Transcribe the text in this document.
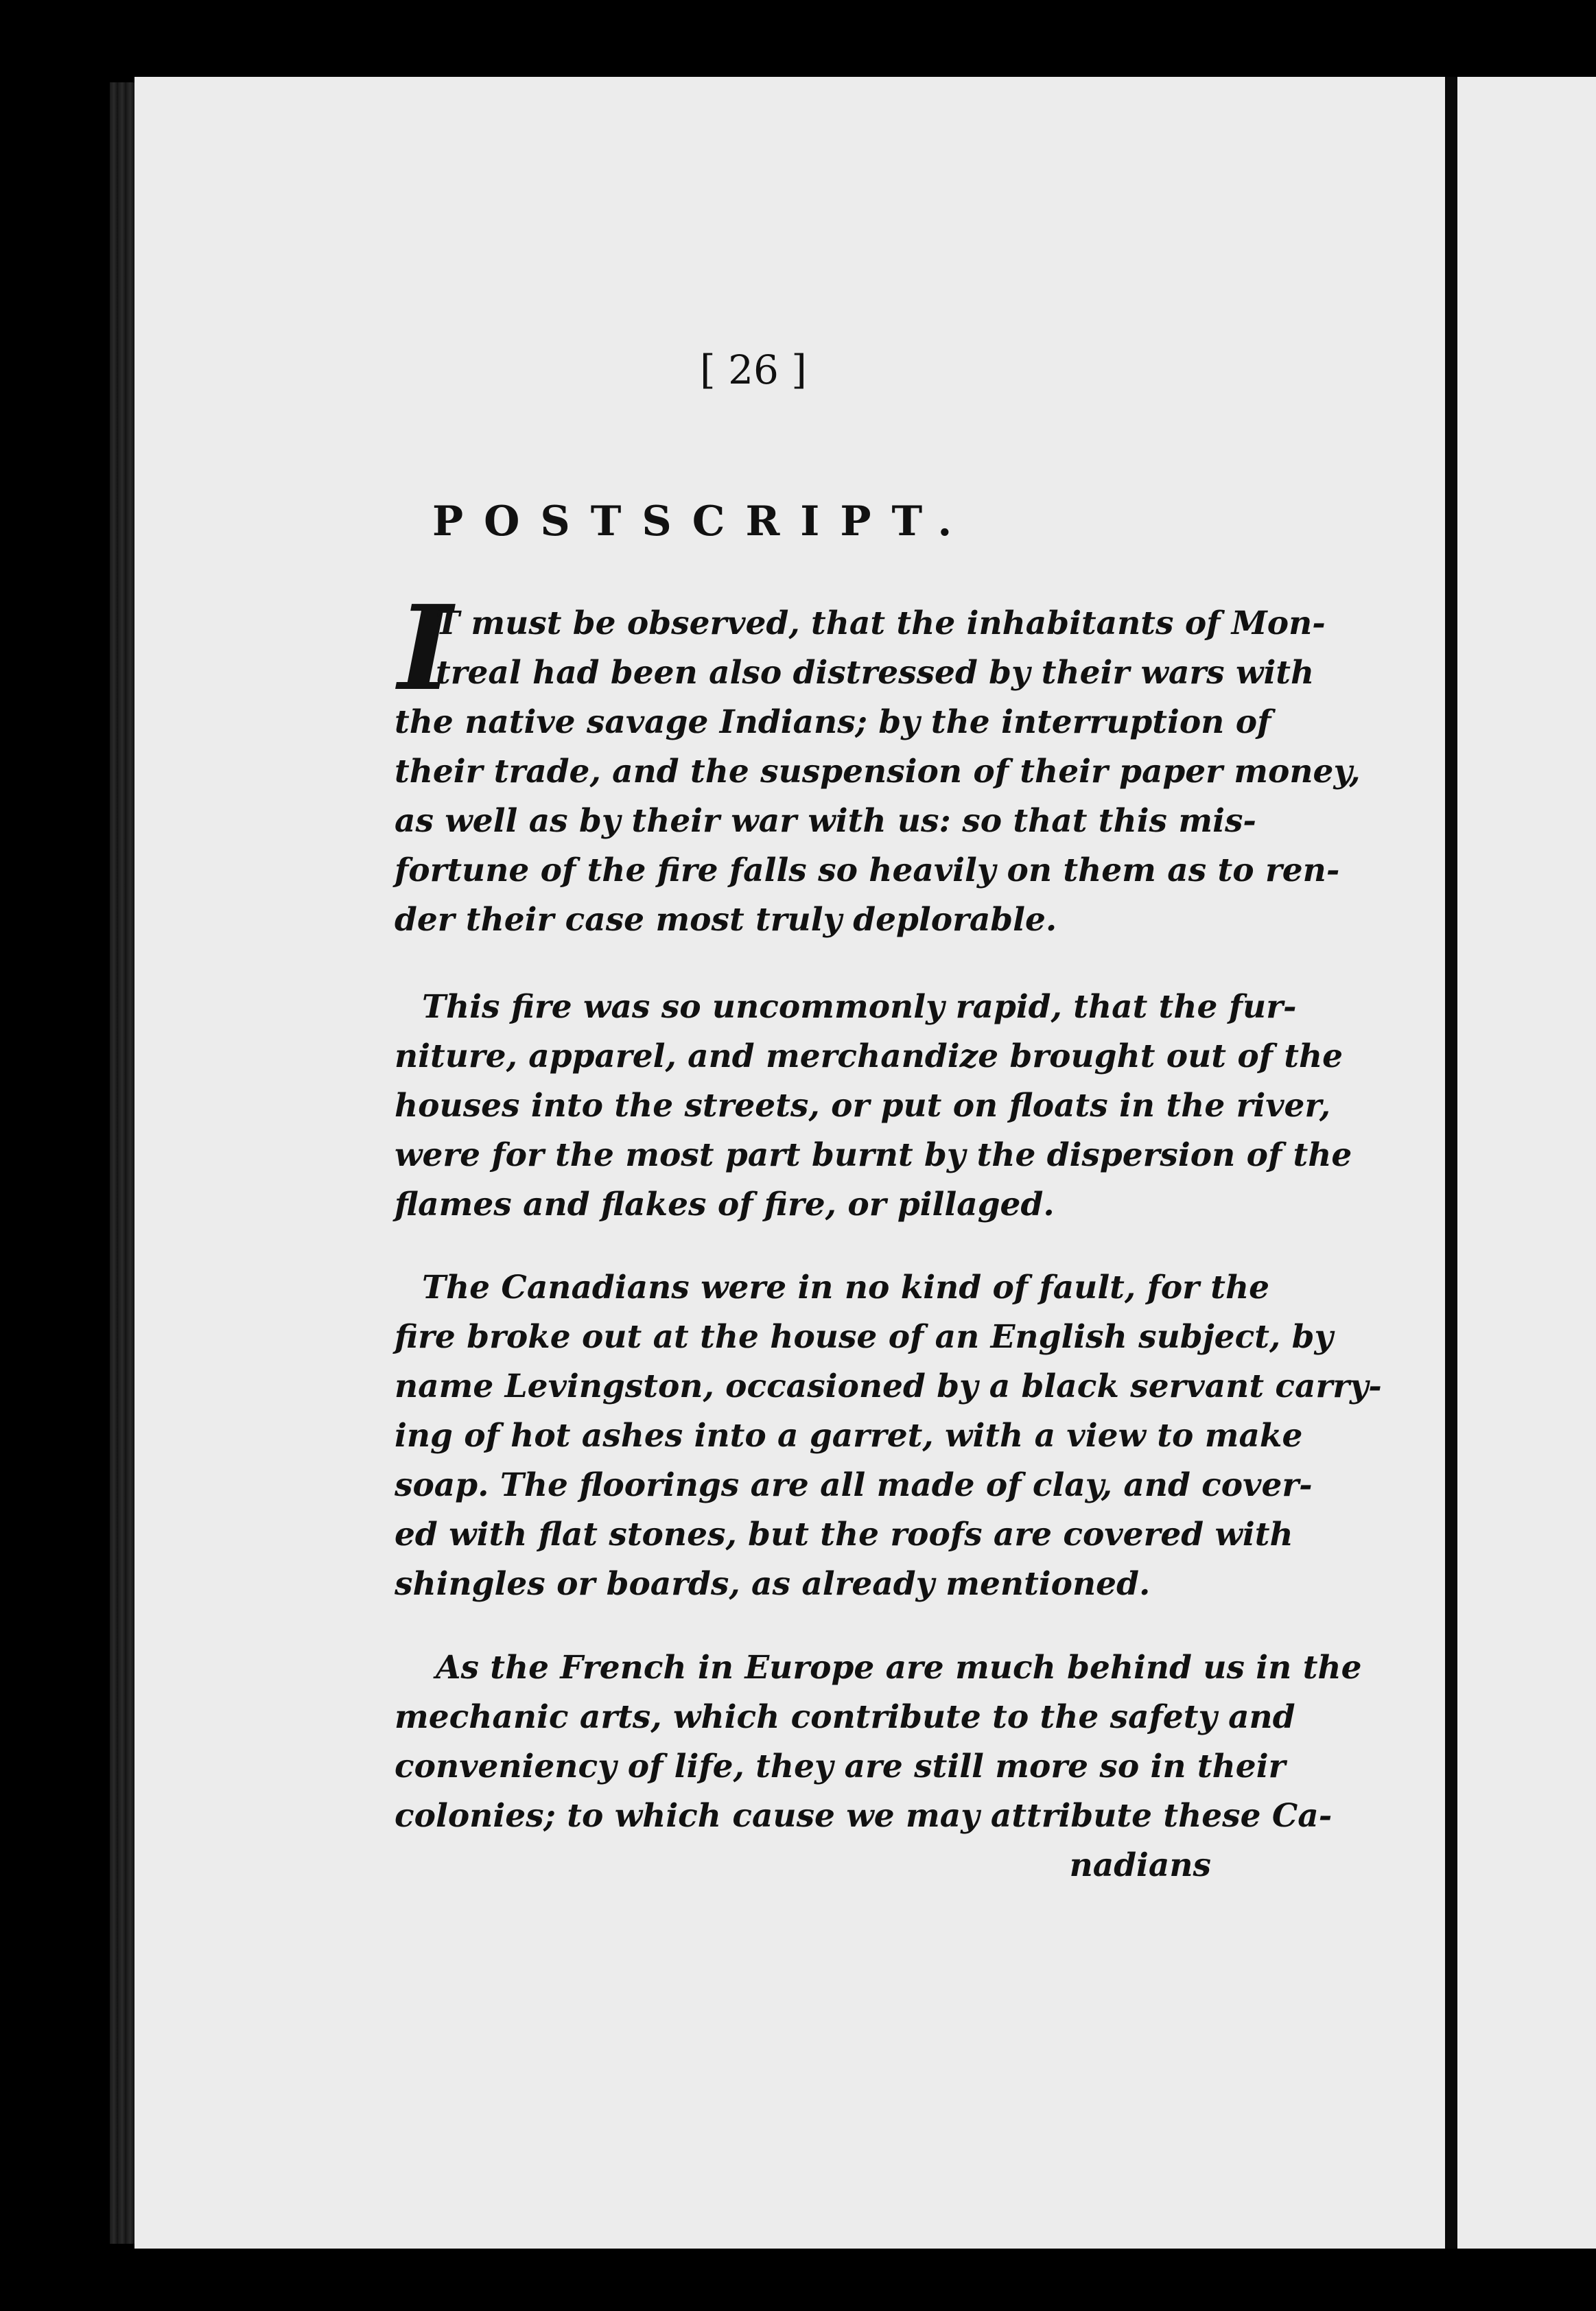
[ 26 ]
POSTSCRIPT.
I
T must be observed, that the inhabitants of Mon-
treal had been also distressed by their wars with
the native savage Indians; by the interruption of
their trade, and the suspension of their paper money,
as well as by their war with us: so that this mis-
fortune of the fire falls so heavily on them as to ren-
der their case most truly deplorable.
This fire was so uncommonly rapid, that the fur-
niture, apparel, and merchandize brought out of the
houses into the streets, or put on floats in the river,
were for the most part burnt by the dispersion of the
flames and flakes of fire, or pillaged.
The Canadians were in no kind of fault, for the
fire broke out at the house of an English subject, by
name Levingston, occasioned by a black servant carry-
ing of hot ashes into a garret, with a view to make
soap. The floorings are all made of clay, and cover-
ed with flat stones, but the roofs are covered with
shingles or boards, as already mentioned.
As the French in Europe are much behind us in the
mechanic arts, which contribute to the safety and
conveniency of life, they are still more so in their
colonies; to which cause we may attribute these Ca-
nadians
